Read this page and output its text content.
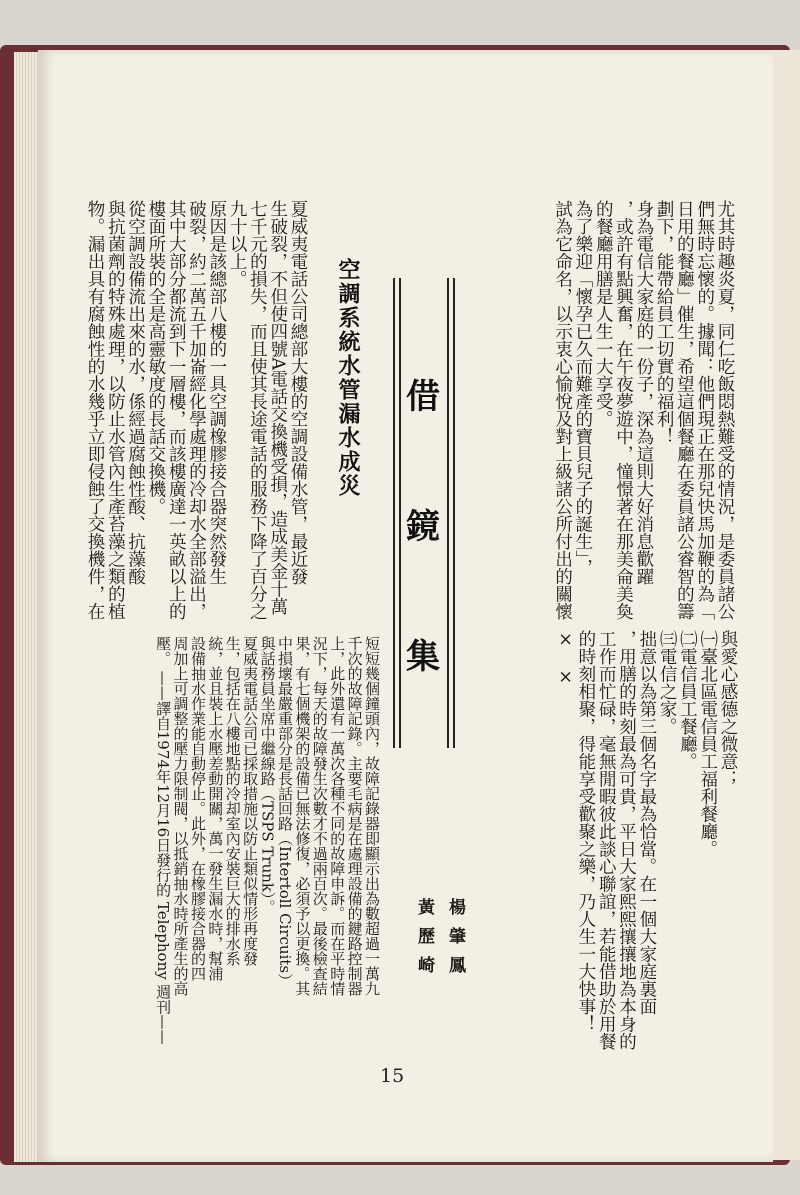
尤其時趣炎夏，同仁吃飯悶熱難受的情況，是委員諸公
們無時忘懷的。據聞：他們現正在那兒快馬加鞭的為「
日用的餐廳」催生，希望這個餐廳在委員諸公睿智的籌
劃下，能帶給員工切實的福利！
身為電信大家庭的一份子，深為這則大好消息歡躍
，或許有點興奮，在午夜夢遊中，憧憬著在那美侖美奐
的餐廳用膳是人生一大享受。
為了樂迎「懷孕已久而難產的寶貝兒子的誕生」，
試為它命名，以示衷心愉悅及對上級諸公所付出的關懷

與愛心感德之微意；
㈠臺北區電信員工福利餐廳。
㈡電信員工餐廳。
㈢電信之家。
拙意以為第三個名字最為恰當。在一個大家庭裏面
，用膳的時刻最為可貴，平日大家熙熙攘攘地為本身的
工作而忙碌，毫無閒暇彼此談心聯誼，若能借助於用餐
的時刻相聚，得能享受歡聚之樂，乃人生一大快事！
×　×

楊肇鳳
黃歷崎
借
鏡
集
空調系統水管漏水成災

夏威夷電話公司總部大樓的空調設備水管，最近發
生破裂，不但使四號A電話交換機受損，造成美金十萬
七千元的損失，而且使其長途電話的服務下降了百分之
九十以上。
原因是該總部八樓的一具空調橡膠接合器突然發生
破裂，約二萬五千加崙經化學處理的冷却水全部溢出，
其中大部分都流到下一層樓，而該樓廣達一英畝以上的
樓面所裝的全是高靈敏度的長話交換機。
從空調設備流出來的水，係經過腐蝕性酸、抗藻酸
與抗菌劑的特殊處理，以防止水管內生產苔藻之類的植
物。漏出具有腐蝕性的水幾乎立即侵蝕了交換機件，在

短短幾個鐘頭內，故障記錄器即顯示出為數超過一萬九
千次的故障記錄。主要毛病是在處理設備的鍵路控制器
上，此外還有一萬次各種不同的故障申訴。而在平時情
況下，每天的故障發生次數才不過兩百次。最後檢查結
果，有七個機架的設備已無法修復，必須予以更換。其
中損壞最嚴重部分是長話回路（Intertoll Circuits）
與話務員坐席中繼線路（TSPS Trunk）。
夏威夷電話公司已採取措施以防止類似情形再度發
生，包括在八樓地點的冷却室內安裝巨大的排水系
統，並且裝上水壓差動開關，萬一發生漏水時，幫浦
設備抽水作業能自動停止。此外，在橡膠接合器的四
周加上可調整的壓力限制閥，以抵銷抽水時所產生的高
壓。 ——譯自1974年12月16日發行的 Telephony 週刊——

15
